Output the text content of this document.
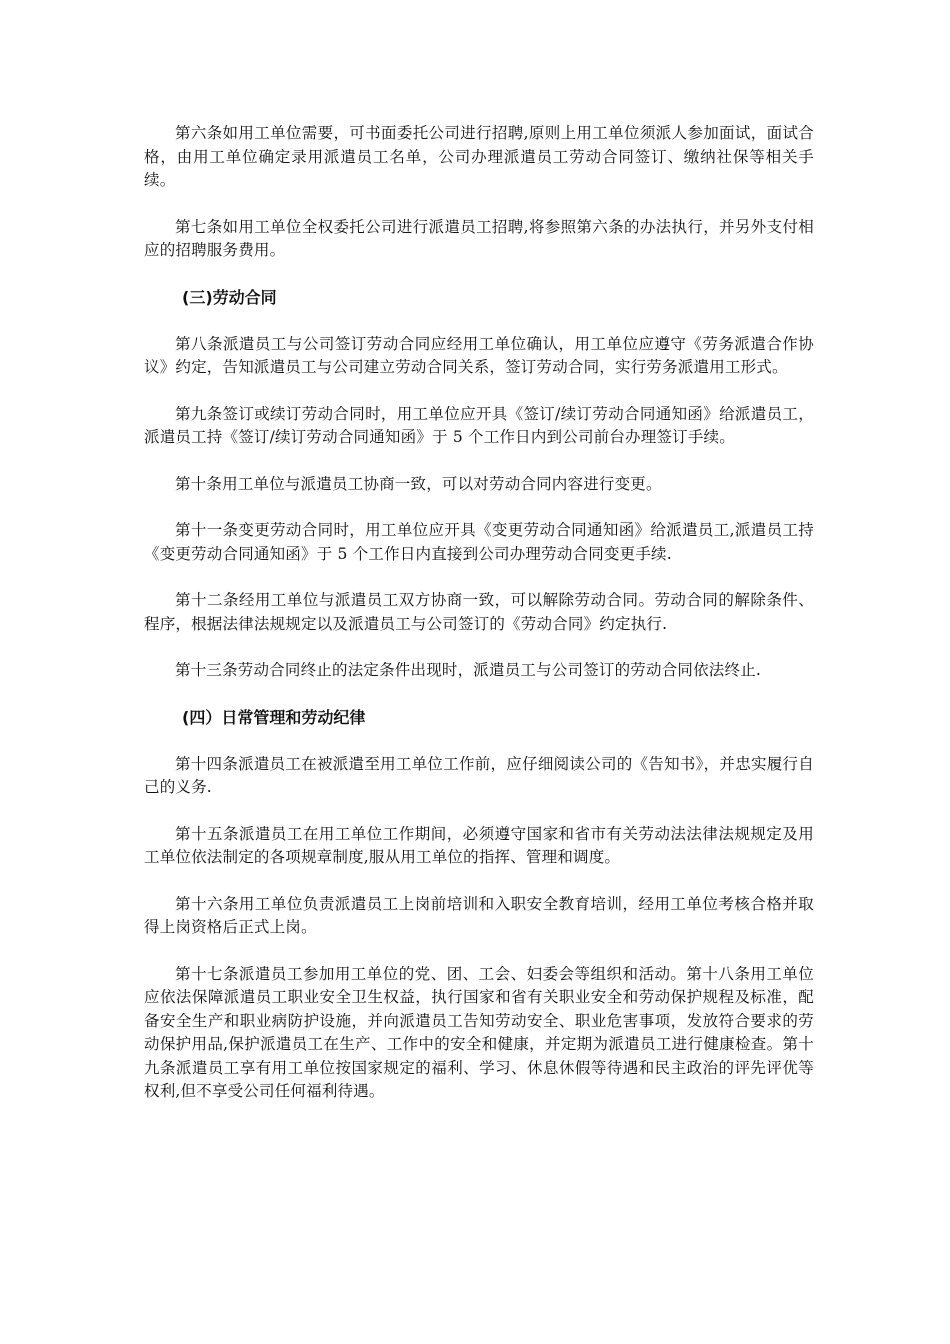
第六条如用工单位需要，可书面委托公司进行招聘,原则上用工单位须派人参加面试，面试合格，由用工单位确定录用派遣员工名单，公司办理派遣员工劳动合同签订、缴纳社保等相关手续。

第七条如用工单位全权委托公司进行派遣员工招聘,将参照第六条的办法执行，并另外支付相应的招聘服务费用。

(三)劳动合同

第八条派遣员工与公司签订劳动合同应经用工单位确认，用工单位应遵守《劳务派遣合作协议》约定，告知派遣员工与公司建立劳动合同关系，签订劳动合同，实行劳务派遣用工形式。

第九条签订或续订劳动合同时，用工单位应开具《签订/续订劳动合同通知函》给派遣员工，派遣员工持《签订/续订劳动合同通知函》于 5 个工作日内到公司前台办理签订手续。

第十条用工单位与派遣员工协商一致，可以对劳动合同内容进行变更。

第十一条变更劳动合同时，用工单位应开具《变更劳动合同通知函》给派遣员工,派遣员工持《变更劳动合同通知函》于 5 个工作日内直接到公司办理劳动合同变更手续.

第十二条经用工单位与派遣员工双方协商一致，可以解除劳动合同。劳动合同的解除条件、程序，根据法律法规规定以及派遣员工与公司签订的《劳动合同》约定执行.

第十三条劳动合同终止的法定条件出现时，派遣员工与公司签订的劳动合同依法终止.

(四）日常管理和劳动纪律

第十四条派遣员工在被派遣至用工单位工作前，应仔细阅读公司的《告知书》，并忠实履行自己的义务.

第十五条派遣员工在用工单位工作期间，必须遵守国家和省市有关劳动法法律法规规定及用工单位依法制定的各项规章制度,服从用工单位的指挥、管理和调度。

第十六条用工单位负责派遣员工上岗前培训和入职安全教育培训，经用工单位考核合格并取得上岗资格后正式上岗。

第十七条派遣员工参加用工单位的党、团、工会、妇委会等组织和活动。第十八条用工单位应依法保障派遣员工职业安全卫生权益，执行国家和省有关职业安全和劳动保护规程及标准，配备安全生产和职业病防护设施，并向派遣员工告知劳动安全、职业危害事项，发放符合要求的劳动保护用品,保护派遣员工在生产、工作中的安全和健康，并定期为派遣员工进行健康检查。第十九条派遣员工享有用工单位按国家规定的福利、学习、休息休假等待遇和民主政治的评先评优等权利,但不享受公司任何福利待遇。
